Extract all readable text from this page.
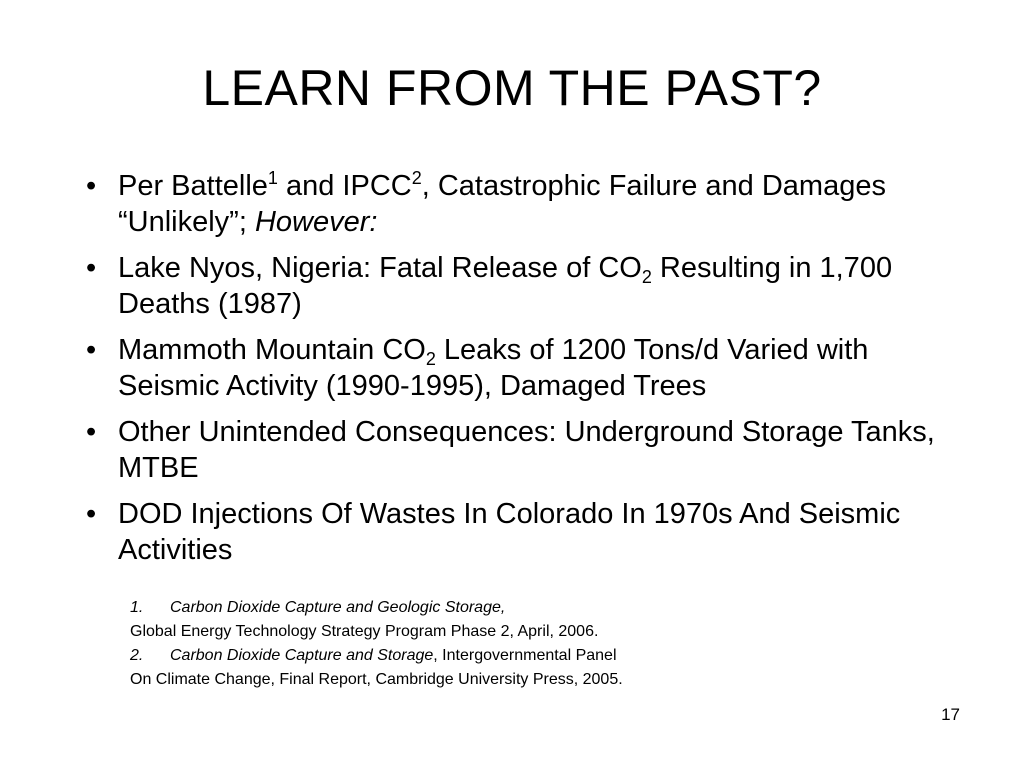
LEARN FROM THE PAST?
• Per Battelle$^1$ and IPCC$^2$, Catastrophic Failure and Damages “Unlikely”; However:
• Lake Nyos, Nigeria: Fatal Release of $CO_2$ Resulting in 1,700 Deaths (1987)
• Mammoth Mountain $CO_2$ Leaks of 1200 Tons/d Varied with Seismic Activity (1990-1995), Damaged Trees
• Other Unintended Consequences: Underground Storage Tanks, MTBE
• DOD Injections Of Wastes In Colorado In 1970s And Seismic Activities
1. Carbon Dioxide Capture and Geologic Storage,
Global Energy Technology Strategy Program Phase 2, April, 2006.
2. Carbon Dioxide Capture and Storage, Intergovernmental Panel
On Climate Change, Final Report, Cambridge University Press, 2005.
17
